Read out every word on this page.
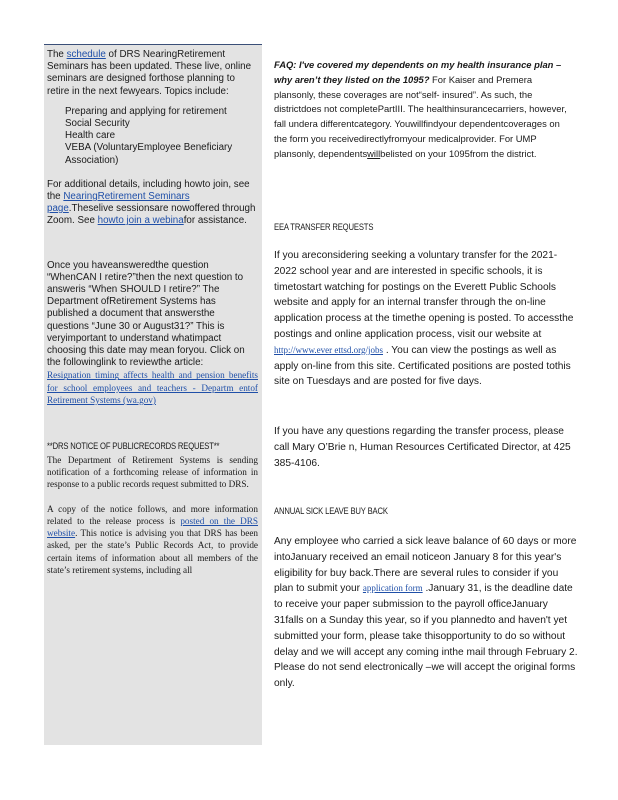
The schedule of DRS NearingRetirement Seminars has been updated. These live, online seminars are designed forthose planning to retire in the next fewyears. Topics include:

Preparing and applying for retirement
Social Security
Health care
VEBA (VoluntaryEmployee Beneficiary Association)

For additional details, including howto join, see the NearingRetirement Seminars page.Theselive sessionsare nowoffered through Zoom. See howto join a webinafor assistance.

Once you haveansweredthe question “WhenCAN I retire?”then the next question to answeris “When SHOULD I retire?” The Department ofRetirement Systems has published a document that answersthe questions “June 30 or August31?” This is veryimportant to understand whatimpact choosing this date may mean foryou. Click on the followinglink to reviewthe article:
Resignation timing affects health and pension benefits for school employees and teachers - Departm entof Retirement Systems (wa.gov)

**DRS NOTICE OF PUBLICRECORDS REQUEST**

The Department of Retirement Systems is sending notification of a forthcoming release of information in response to a public records request submitted to DRS.

A copy of the notice follows, and more information related to the release process is posted on the DRS website. This notice is advising you that DRS has been asked, per the state’s Public Records Act, to provide certain items of information about all members of the state’s retirement systems, including all

FAQ: I've covered my dependents on my health insurance plan –why aren’t they listed on the 1095? For Kaiser and Premera plansonly, these coverages are not“self- insured”. As such, the districtdoes not completePartIII. The healthinsurancecarriers, however, fall undera differentcategory. Youwillfindyour dependentcoverages on the form you receivedirectlyfromyour medicalprovider. For UMP plansonly, dependentswillbelisted on your 1095from the district.

EEA TRANSFER REQUESTS

If you areconsidering seeking a voluntary transfer for the 2021-2022 school year and are interested in specific schools, it is timetostart watching for postings on the Everett Public Schools website and apply for an internal transfer through the on-line application process at the timethe opening is posted. To accessthe postings and online application process, visit our website at http://www.ever ettsd.org/jobs . You can view the postings as well as apply on-line from this site. Certificated positions are posted tothis site on Tuesdays and are posted for five days.

If you have any questions regarding the transfer process, please call Mary O’Brie n, Human Resources Certificated Director, at 425 385-4106.

ANNUAL SICK LEAVE BUY BACK

Any employee who carried a sick leave balance of 60 days or more intoJanuary received an email noticeon January 8 for this year's eligibility for buy back.There are several rules to consider if you plan to submit your application form .January 31, is the deadline date to receive your paper submission to the payroll officeJanuary 31falls on a Sunday this year, so if you plannedto and haven't yet submitted your form, please take thisopportunity to do so without delay and we will accept any coming inthe mail through February 2. Please do not send electronically –we will accept the original forms only.
